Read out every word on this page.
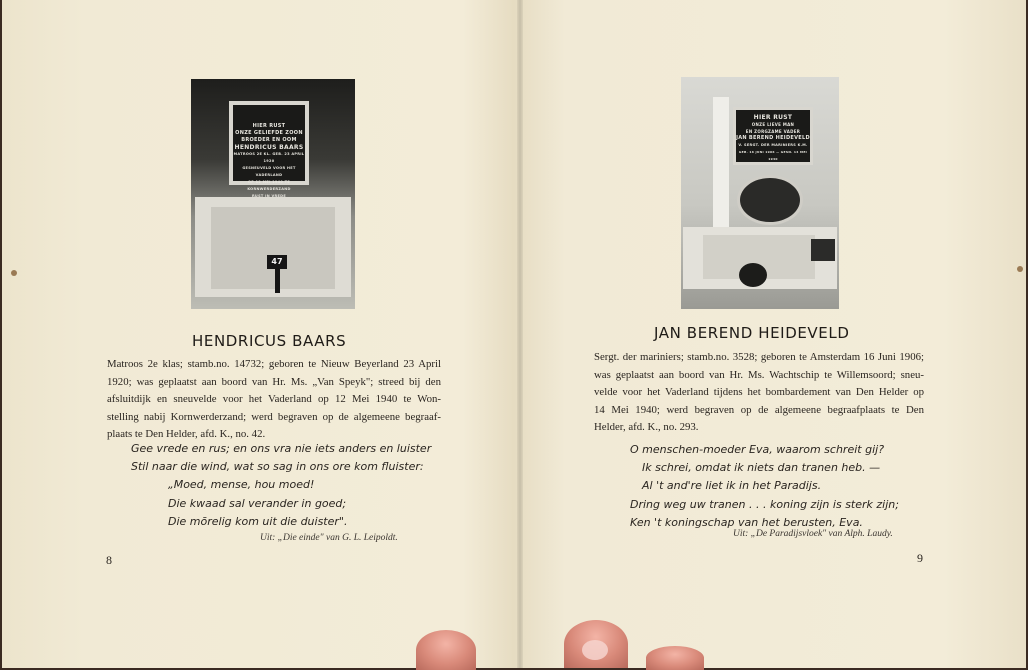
HIER RUST
ONZE GELIEFDE ZOON
BROEDER EN OOM
HENDRICUS BAARS
MATROOS 2E KL. GEB. 23 APRIL 1920
GESNEUVELD VOOR HET VADERLAND
OP 12 MEI 1940 TE KORNWERDERZAND
RUST IN VREDE
47
HENDRICUS BAARS
Matroos 2e klas; stamb.no. 14732; geboren te Nieuw Beyerland 23 April
1920; was geplaatst aan boord van Hr. Ms. „Van Speyk"; streed bij den
afsluitdijk en sneuvelde voor het Vaderland op 12 Mei 1940 te Won-
stelling nabij Kornwerderzand; werd begraven op de algemeene begraaf-
plaats te Den Helder, afd. K., no. 42.
Gee vrede en rus; en ons vra nie iets anders en luister
Stil naar die wind, wat so sag in ons ore kom fluister:
„Moed, mense, hou moed!
Die kwaad sal verander in goed;
Die mōrelig kom uit die duister".
Uit: „Die einde" van G. L. Leipoldt.
8
HIER RUST
ONZE LIEVE MAN
EN ZORGZAME VADER
JAN BEREND HEIDEVELD
V. SERGT. DER MARINIERS K.M.
GEB. 16 JUNI 1906 — GESN. 14 MEI 1940
JAN BEREND HEIDEVELD
Sergt. der mariniers; stamb.no. 3528; geboren te Amsterdam 16 Juni 1906;
was geplaatst aan boord van Hr. Ms. Wachtschip te Willemsoord; sneu-
velde voor het Vaderland tijdens het bombardement van Den Helder op
14 Mei 1940; werd begraven op de algemeene begraafplaats te Den
Helder, afd. K., no. 293.
O menschen-moeder Eva, waarom schreit gij?
Ik schrei, omdat ik niets dan tranen heb. —
Al 't and're liet ik in het Paradijs.
Dring weg uw tranen . . . koning zijn is sterk zijn;
Ken 't koningschap van het berusten, Eva.
Uit: „De Paradijsvloek" van Alph. Laudy.
9
